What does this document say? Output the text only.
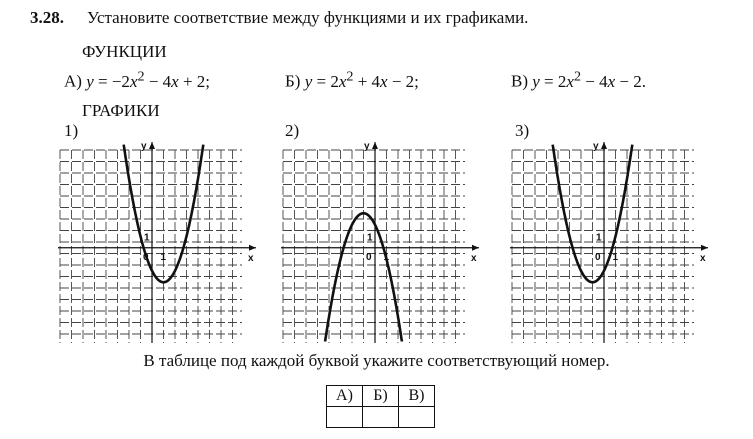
3.28. Установите соответствие между функциями и их графиками.
ФУНКЦИИ
А) $y = -2x^2 - 4x + 2$;	Б) $y = 2x^2 + 4x - 2$;	В) $y = 2x^2 - 4x - 2$.
ГРАФИКИ
1)	2)	3)
x
y
0 1
1
x
y
0 1
1
x
y
0 1
1
В таблице под каждой буквой укажите соответствующий номер.
А)	Б)	В)
